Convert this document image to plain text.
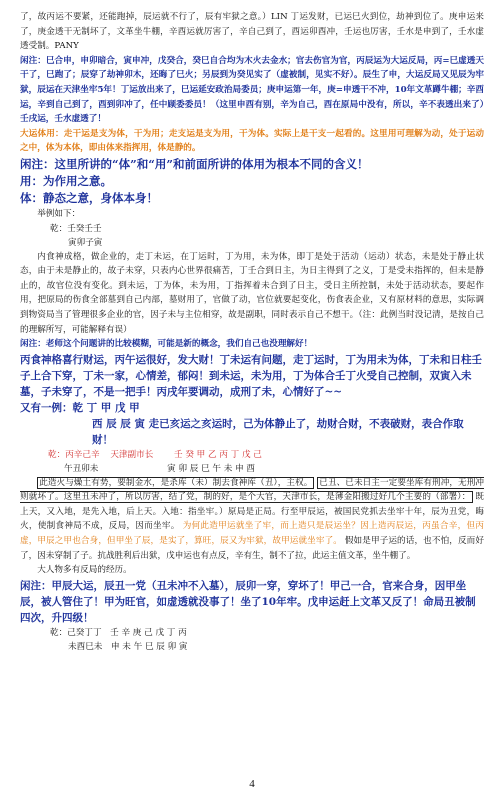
了，故丙运不要紧，还能跑掉，辰运就不行了，辰有牢狱之意。）LIN 丁运发财，已运巳火到位，劫神到位了。庚申运来了，庚金透干无制坏了，文革坐牛棚，辛酉运就厉害了，辛自己到了，酉运卯酉冲，壬运也厉害，壬水是申到了，壬水虚透受制。PANY

闲注：巳合申，申卯暗合，寅申冲，戊癸合，癸巳自合均为木火去金水；官去伤官为官，丙辰运为大运反局，丙=巳虚透天干了，巳跑了；辰穿了劫神卯木，还晦了巳火；另辰到为癸见实了（虚被制，见实不好）。辰生了申，大运反局又见辰为牢狱，辰运在天津坐牢5年！丁运放出来了，巳运延安政治局委员；庚申运第一年，庚=申透干不冲，10年文革蹲牛棚；辛酉运，辛到自己到了，酉到卯冲了，任中顾委委员！（这里申酉有别，辛为自己，酉在原局中没有，所以，辛不表透出来了）壬戌运，壬水虚透了！

大运体用：走干运是支为体，干为用；走支运是支为用，干为体。实际上是干支一起看的。这里用可理解为动，处于运动之中，体为本体，即由体来指挥用，体是静的。

闲注：这里所讲的“体”和“用”和前面所讲的体用为根本不同的含义！

用：为作用之意。

体：静态之意，身体本身！

举例如下：

乾：壬癸壬壬

寅卯子寅

内食神成格，做企业的，走丁未运，在丁运时，丁为用，未为体，即丁是处于活动（运动）状态，未是处于静止状态，由于未是静止的，故子未穿，只表内心世界很痛苦，丁壬合到日主，为日主得到了之义，丁是受未指挥的，但未是静止的，故官位没有变化。到未运，丁为体，未为用，丁指挥着未合到了日主，受日主所控制，未处于活动状态，要起作用，把原局的伤食全部墓到自己内部，墓财用了，官做了动，官位就要起变化，伤食表企业，又有原材料的意思，实际调到物资局当了管理很多企业的官，因子未与主位相穿，故是副职，同时表示自己不想干。（注：此例当时没记清，是按自己的理解所写，可能解释有误）

闲注：老师这个问题讲的比较模糊，可能是新的概念，我们自己也没理解好！

丙食神格喜行财运，丙午运很好，发大财！丁未运有问题，走丁运时，丁为用未为体，丁未和日柱壬子上合下穿，丁未一家，心情差，郁闷！到未运，未为用，丁为体合壬丁火受自己控制，双寅入未墓，子未穿了，不是一把手！丙戌年要调动，成刑了未，心情好了~~

又有一例：乾 丁 甲 戊 甲

西 辰 辰 寅 走已亥运之亥运时，己为体静止了，劫财合财，不表破财，表合作取财！

乾：丙辛己辛 天津副市长 壬 癸 甲 乙 丙 丁 戊 己

午丑卯未	寅 卯 辰 巳 午 未 申 酉

此造火与燥土有势，要制金水，是杀库（未）制去食神库（丑），主权。 已丑、已未日主一定要坐库有刑冲，无刑冲则就坏了。这里丑未冲了，所以厉害，结了党，制的好，是个大官，天津市长，是薄金阳搬过好几个主要的（部署）： 既上天，又入地，是先入地，后上天。入地：指坐牢。）原局是正局。行至甲辰运，被国民党抓去坐牢十年，辰为丑党，晦火，使制食神局不成，反局，因而坐牢。 为何此造甲运就坐了牢，而上造只是辰运坐？因上造丙辰运，丙虽合辛，但丙虚，甲辰之甲也合身，但甲坐了辰，是实了，算旺，辰又为牢狱，故甲运就坐牢了。 假如是甲子运的话，也不怕，反而好了，因未穿制了子。抗战胜利后出狱，戊申运也有点反，辛有生，制不了拉，此运主值文革，坐牛棚了。

大人物多有反局的经历。

闲注：甲辰大运，辰丑一党（丑未冲不入墓），辰卯一穿，穿坏了！甲己一合，官来合身，因甲坐辰，被人管住了！甲为旺官，如虚透就没事了！坐了10年牢。戊申运赶上文革又反了！命局丑被制四次，升四级！

乾：己癸丁丁　壬 辛 庚 己 戊 丁 丙

未酉巳未　申 未 午 巳 辰 卯 寅

4
